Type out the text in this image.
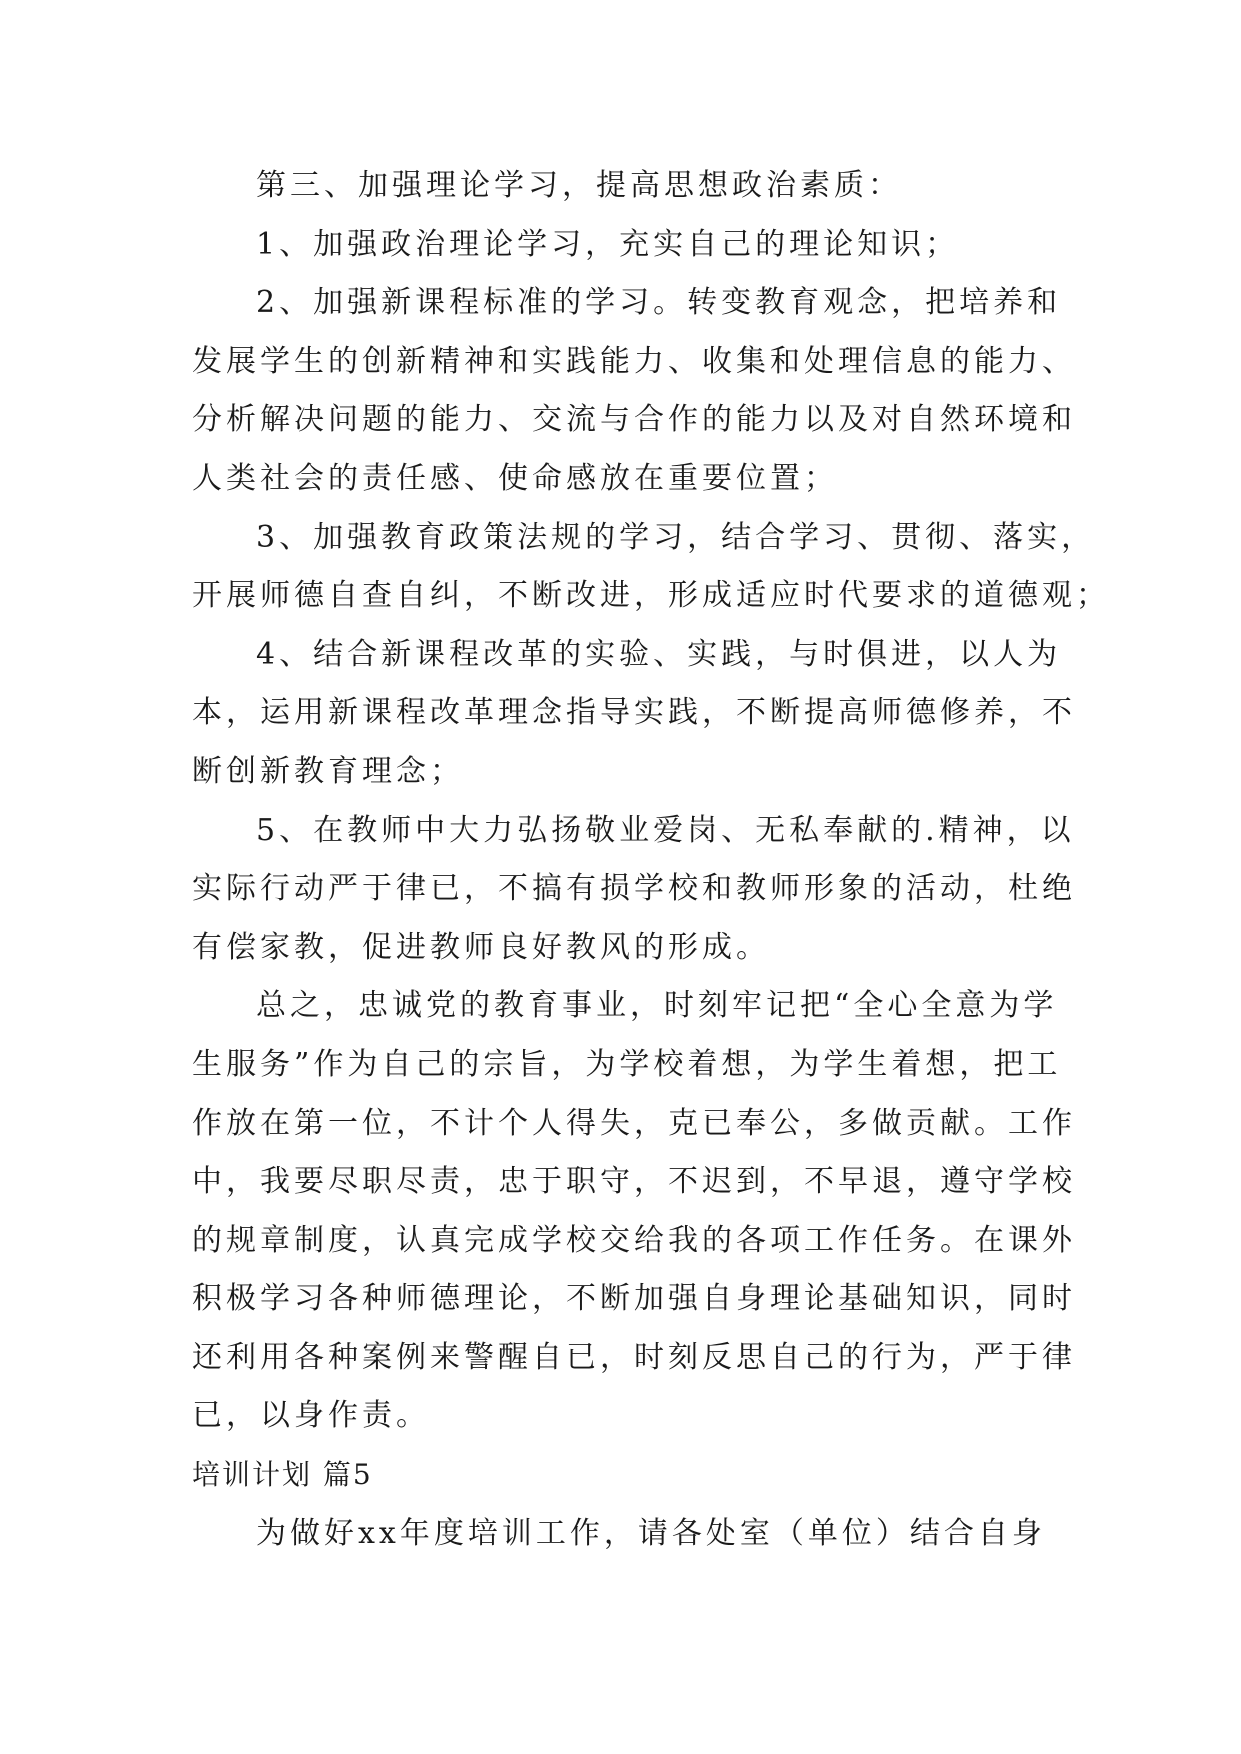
第三、加强理论学习，提高思想政治素质：

1、加强政治理论学习，充实自己的理论知识；

2、加强新课程标准的学习。转变教育观念，把培养和
发展学生的创新精神和实践能力、收集和处理信息的能力、
分析解决问题的能力、交流与合作的能力以及对自然环境和
人类社会的责任感、使命感放在重要位置；

3、加强教育政策法规的学习，结合学习、贯彻、落实，
开展师德自查自纠，不断改进，形成适应时代要求的道德观；

4、结合新课程改革的实验、实践，与时俱进，以人为
本，运用新课程改革理念指导实践，不断提高师德修养，不
断创新教育理念；

5、在教师中大力弘扬敬业爱岗、无私奉献的.精神，以
实际行动严于律已，不搞有损学校和教师形象的活动，杜绝
有偿家教，促进教师良好教风的形成。

总之，忠诚党的教育事业，时刻牢记把“全心全意为学
生服务”作为自己的宗旨，为学校着想，为学生着想，把工
作放在第一位，不计个人得失，克已奉公，多做贡献。工作
中，我要尽职尽责，忠于职守，不迟到，不早退，遵守学校
的规章制度，认真完成学校交给我的各项工作任务。在课外
积极学习各种师德理论，不断加强自身理论基础知识，同时
还利用各种案例来警醒自已，时刻反思自己的行为，严于律
已，以身作责。

培训计划 篇5

为做好xx年度培训工作，请各处室（单位）结合自身
